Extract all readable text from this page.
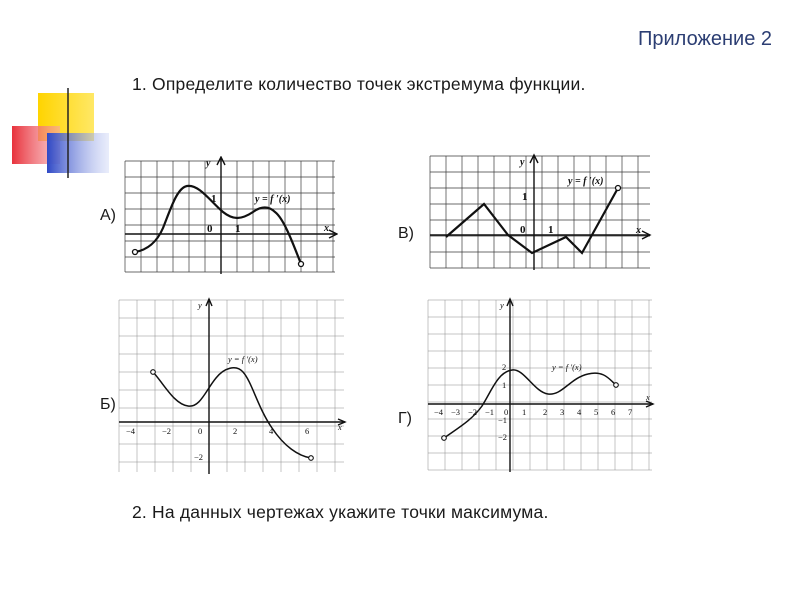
Приложение 2
1. Определите количество точек экстремума функции.
2. На данных чертежах укажите точки максимума.
А)
Б)
В)
Г)
y
x
0 1
1	y = f ′(x)
y
x
0 1
1
y = f ′(x)
y
x
y = f ′(x)
−4	−2	0	2	4	6
−2
y
x
y = f ′(x)
−4 −3 −2 −1 0 1 2 3 4 5 6 7
2
1
−1
−2
